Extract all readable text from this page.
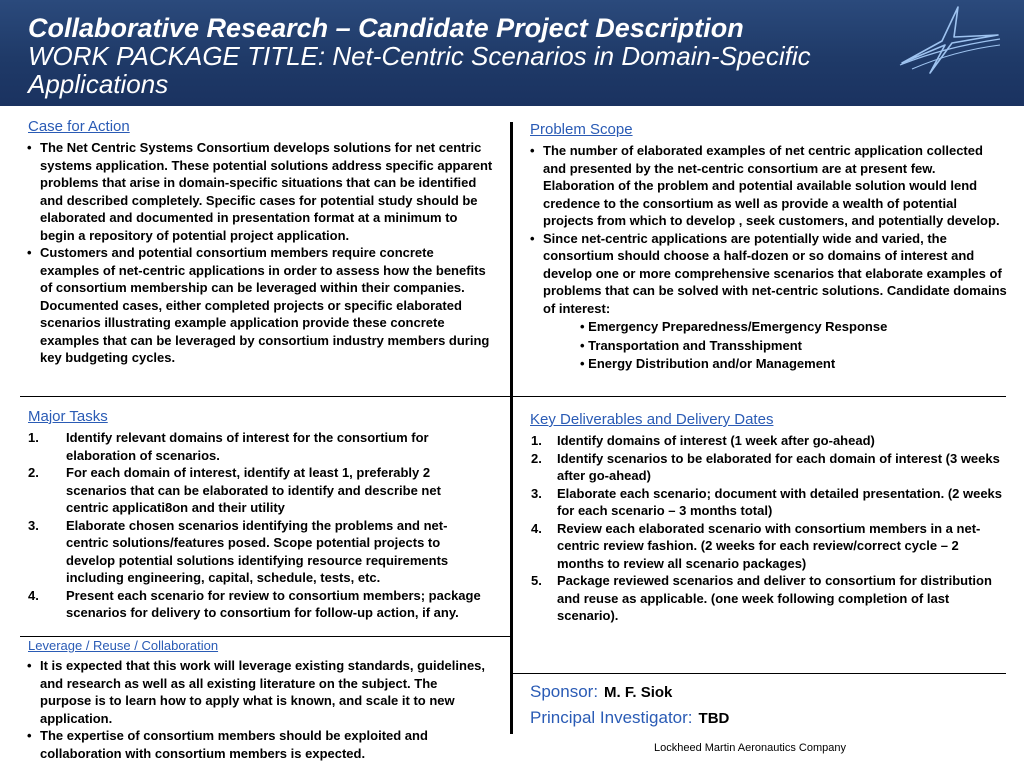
Collaborative Research – Candidate Project Description
WORK PACKAGE TITLE: Net-Centric Scenarios in Domain-Specific Applications
Case for Action
• The Net Centric Systems Consortium develops solutions for net centric systems application. These potential solutions address specific apparent problems that arise in domain-specific situations that can be identified and described completely. Specific cases for potential study should be elaborated and documented in presentation format at a minimum to begin a repository of potential project application.
• Customers and potential consortium members require concrete examples of net-centric applications in order to assess how the benefits of consortium membership can be leveraged within their companies. Documented cases, either completed projects or specific elaborated scenarios illustrating example application provide these concrete examples that can be leveraged by consortium industry members during key budgeting cycles.
Problem Scope
• The number of elaborated examples of net centric application collected and presented by the net-centric consortium are at present few. Elaboration of the problem and potential available solution would lend credence to the consortium as well as provide a wealth of potential projects from which to develop , seek customers, and potentially develop.
• Since net-centric applications are potentially wide and varied, the consortium should choose a half-dozen or so domains of interest and develop one or more comprehensive scenarios that elaborate examples of problems that can be solved with net-centric solutions. Candidate domains of interest:
• Emergency Preparedness/Emergency Response
• Transportation and Transshipment
• Energy Distribution and/or Management
Major Tasks
1. Identify relevant domains of interest for the consortium for elaboration of scenarios.
2. For each domain of interest, identify at least 1, preferably 2 scenarios that can be elaborated to identify and describe net centric applicati8on and their utility
3. Elaborate chosen scenarios identifying the problems and net-centric solutions/features posed. Scope potential projects to develop potential solutions identifying resource requirements including engineering, capital, schedule, tests, etc.
4. Present each scenario for review to consortium members; package scenarios for delivery to consortium for follow-up action, if any.
Leverage / Reuse / Collaboration
• It is expected that this work will leverage existing standards, guidelines, and research as well as all existing literature on the subject. The purpose is to learn how to apply what is known, and scale it to new application.
• The expertise of consortium members should be exploited and collaboration with consortium members is expected.
Key Deliverables and Delivery Dates
1. Identify domains of interest (1 week after go-ahead)
2. Identify scenarios to be elaborated for each domain of interest (3 weeks after go-ahead)
3. Elaborate each scenario; document with detailed presentation. (2 weeks for each scenario – 3 months total)
4. Review each elaborated scenario with consortium members in a net-centric review fashion. (2 weeks for each review/correct cycle – 2 months to review all scenario packages)
5. Package reviewed scenarios and deliver to consortium for distribution and reuse as applicable. (one week following completion of last scenario).
Sponsor: M. F. Siok
Principal Investigator: TBD
Lockheed Martin Aeronautics Company
